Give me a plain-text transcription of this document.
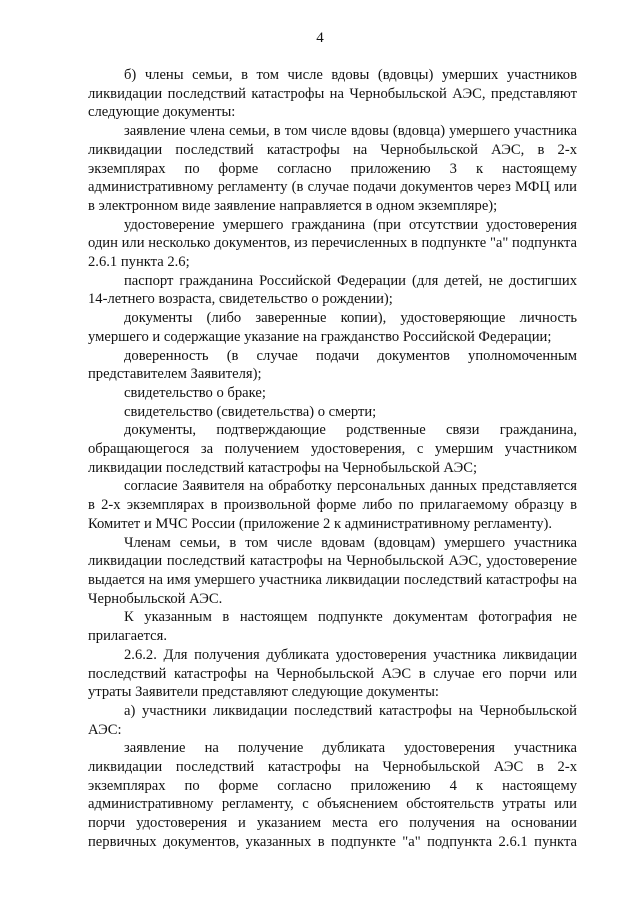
4

б) члены семьи, в том числе вдовы (вдовцы) умерших участников ликвидации последствий катастрофы на Чернобыльской АЭС, представляют следующие документы:

заявление члена семьи, в том числе вдовы (вдовца) умершего участника ликвидации последствий катастрофы на Чернобыльской АЭС, в 2-х экземплярах по форме согласно приложению 3 к настоящему административному регламенту (в случае подачи документов через МФЦ или в электронном виде заявление направляется в одном экземпляре);

удостоверение умершего гражданина (при отсутствии удостоверения один или несколько документов, из перечисленных в подпункте "а" подпункта 2.6.1 пункта 2.6;

паспорт гражданина Российской Федерации (для детей, не достигших 14-летнего возраста, свидетельство о рождении);

документы (либо заверенные копии), удостоверяющие личность умершего и содержащие указание на гражданство Российской Федерации;

доверенность (в случае подачи документов уполномоченным представителем Заявителя);

свидетельство о браке;

свидетельство (свидетельства) о смерти;

документы, подтверждающие родственные связи гражданина, обращающегося за получением удостоверения, с умершим участником ликвидации последствий катастрофы на Чернобыльской АЭС;

согласие Заявителя на обработку персональных данных представляется в 2-х экземплярах в произвольной форме либо по прилагаемому образцу в Комитет и МЧС России (приложение 2 к административному регламенту).

Членам семьи, в том числе вдовам (вдовцам) умершего участника ликвидации последствий катастрофы на Чернобыльской АЭС, удостоверение выдается на имя умершего участника ликвидации последствий катастрофы на Чернобыльской АЭС.

К указанным в настоящем подпункте документам фотография не прилагается.

2.6.2. Для получения дубликата удостоверения участника ликвидации последствий катастрофы на Чернобыльской АЭС в случае его порчи или утраты Заявители представляют следующие документы:

а) участники ликвидации последствий катастрофы на Чернобыльской АЭС:

заявление на получение дубликата удостоверения участника ликвидации последствий катастрофы на Чернобыльской АЭС в 2-х экземплярах по форме согласно приложению 4 к настоящему административному регламенту, с объяснением обстоятельств утраты или порчи удостоверения и указанием места его получения на основании первичных документов, указанных в подпункте "а" подпункта 2.6.1 пункта
